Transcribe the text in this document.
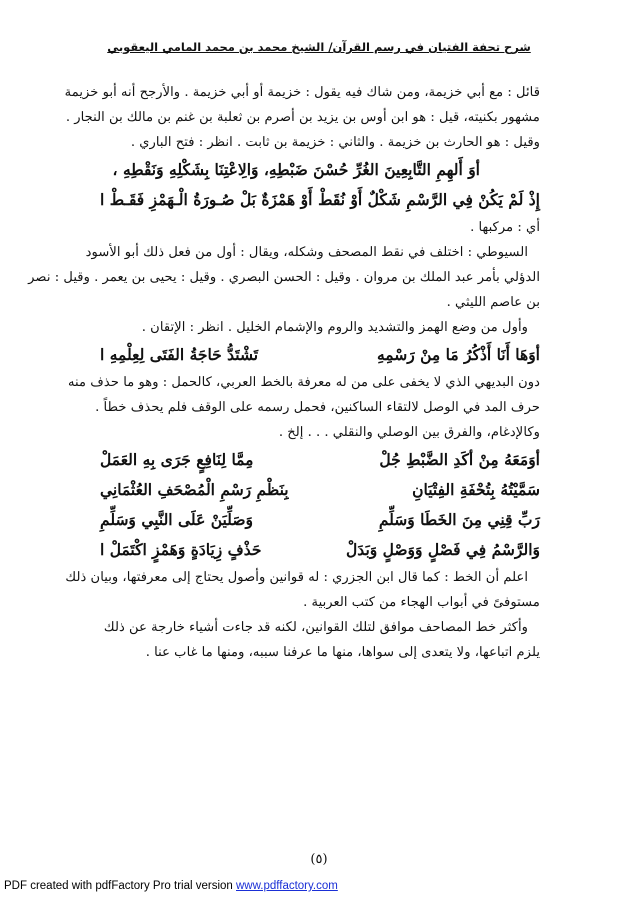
شرح تحفة الفتيان في رسم القرآن/ الشيخ محمد بن محمد المامي اليعقوبي
قائل : مع أبي خزيمة، ومن شاك فيه يقول : خزيمة أو أبي خزيمة . والأرجح أنه أبو خزيمة
مشهور بكنيته، قيل : هو ابن أوس بن يزيد بن أصرم بن ثعلبة بن غنم بن مالك بن النجار .
وقيل : هو الحارث بن خزيمة . والثاني : خزيمة بن ثابت . انظر : فتح الباري .
أوَ أَلهِمِ التَّابِعِينَ الغُرِّ حُسْنَ ضَبْطِهِ، وَالِاعْتِنَا بِشَكْلِهِ وَنَقْطِهِ ،
إِذْ لَمْ يَكُنْ فِي الرَّسْمِ شَكْلٌ أَوْ نُقَطْ
أَوْ هَمْزَةٌ بَلْ صُـورَةُ الْـهَمْزِ فَقَـطْ ا
أي : مركبها .
السيوطي : اختلف في نقط المصحف وشكله، ويقال : أول من فعل ذلك أبو الأسود
الدؤلي بأمر عبد الملك بن مروان . وقيل : الحسن البصري . وقيل : يحيى بن يعمر . وقيل : نصر
بن عاصم الليثي .
وأول من وضع الهمز والتشديد والروم والإشمام الخليل . انظر : الإتقان .
أوَهَا أَنَا أَذْكُرُ مَا مِنْ رَسْمِهِ
تَشْتَدُّ حَاجَةُ الفَتَى لِعِلْمِهِ ا
دون البديهي الذي لا يخفى على من له معرفة بالخط العربي، كالحمل : وهو ما حذف منه
حرف المد في الوصل لالتقاء الساكنين، فحمل رسمه على الوقف فلم يحذف خطاً .
وكالإدغام، والفرق بين الوصلي والنقلي . . . إلخ .
أوَمَعَهُ مِنْ أكَدِ الضَّبْطِ جُلْ
مِمَّا لِنَافِعٍ جَرَى بِهِ العَمَلْ
سَمَّيْتُهُ بِتُحْفَةِ الفِتْيَانِ
بِنَظْمِ رَسْمِ الْمُصْحَفِ العُثْمَانِي
رَبِّ قِنِي مِنَ الخَطَا وَسَلِّمِ
وَصَلِّيَنْ عَلَى النَّبِي وَسَلِّمِ
وَالرَّسْمُ فِي فَصْلٍ وَوَصْلٍ وَبَدَلْ
حَذْفٍ زِيَادَةٍ وَهَمْزٍ اكْتَمَلْ ا
اعلم أن الخط : كما قال ابن الجزري : له قوانين وأصول يحتاج إلى معرفتها، وبيان ذلك
مستوفىً في أبواب الهجاء من كتب العربية .
وأكثر خط المصاحف موافق لتلك القوانين، لكنه قد جاءت أشياء خارجة عن ذلك
يلزم اتباعها، ولا يتعدى إلى سواها، منها ما عرفنا سببه، ومنها ما غاب عنا .
(٥)
PDF created with pdfFactory Pro trial version www.pdffactory.com
